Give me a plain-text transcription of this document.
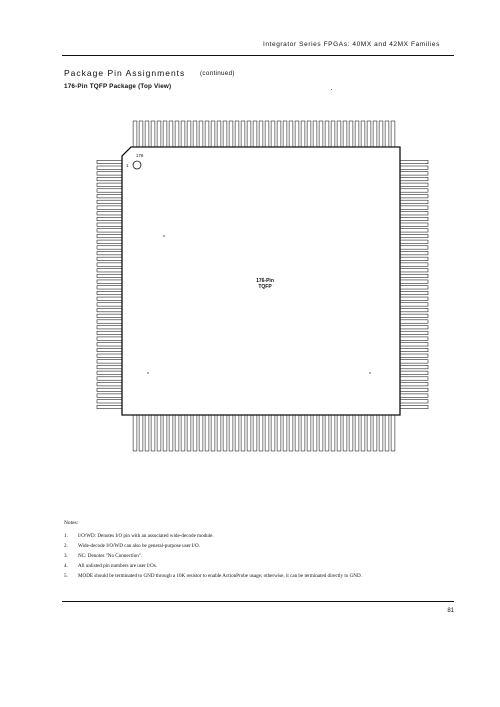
Integrator Series FPGAs: 40MX and 42MX Families
Package Pin Assignments (continued)
176-Pin TQFP Package (Top View)
176
1
176-Pin
TQFP
Notes:
1.	I/O/WD: Denotes I/O pin with an associated wide-decode module.
2.	Wide-decode I/O/WD can also be general-purpose user I/O.
3.	NC: Denotes "No Connection".
4.	All unlisted pin numbers are user I/Os.
5.	MODE should be terminated to GND through a 10K resistor to enable ActionProbe usage; otherwise, it can be terminated directly to GND.
81
